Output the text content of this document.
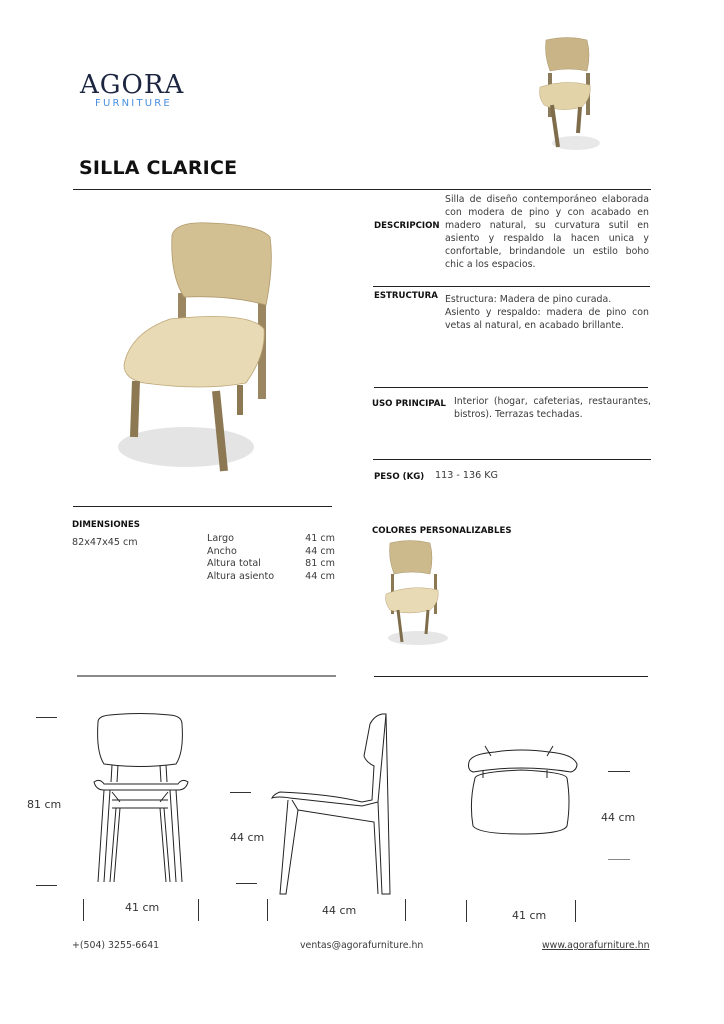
AGORA
FURNITURE
SILLA CLARICE
DESCRIPCION
Silla de diseño contemporáneo elaborada con modera de pino y con acabado en madero natural, su curvatura sutil en asiento y respaldo la hacen unica y confortable, brindandole un estilo boho chic a los espacios.
ESTRUCTURA Estructura: Madera de pino curada.
Asiento y respaldo: madera de pino con vetas al natural, en acabado brillante.
USO PRINCIPAL Interior (hogar, cafeterias, restaurantes, bistros). Terrazas techadas.
PESO (KG) 113 - 136 KG
DIMENSIONES
82x47x45 cm	Largo	41 cm
Ancho	44 cm
Altura total	81 cm
Altura asiento	44 cm
COLORES PERSONALIZABLES
81 cm
41 cm
44 cm
44 cm
44 cm
41 cm
+(504) 3255-6641	ventas@agorafurniture.hn	www.agorafurniture.hn
